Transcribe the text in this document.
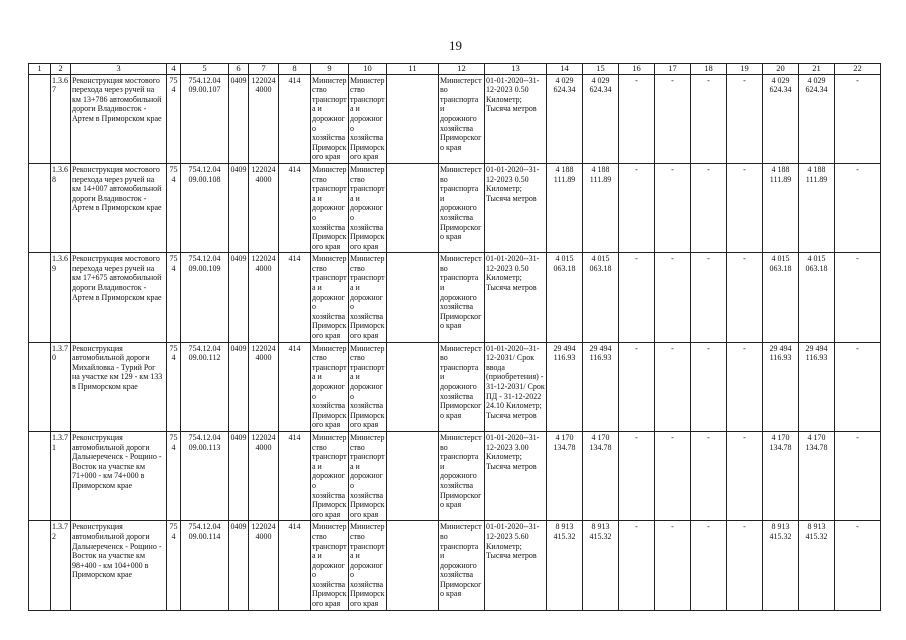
19
1	2	3	4	5	6	7	8	9	10	11	12	13	14	15	16	17	18	19	20	21	22
	1.3.67	Реконструкция мостового перехода через ручей на км 13+786 автомобильной дороги Владивосток - Артем в Приморском крае	754	754.12.04 09.00.107	0409	122024 4000	414	Министерство транспорта и дорожного хозяйства Приморского края	Министерство транспорта и дорожного хозяйства Приморского края		Министерство транспорта и дорожного хозяйства Приморского края	01-01-2020--31-12-2023 0.50 Километр; Тысяча метров	4 029 624.34	4 029 624.34	-	-	-	-	4 029 624.34	4 029 624.34	-
	1.3.68	Реконструкция мостового перехода через ручей на км 14+007 автомобильной дороги Владивосток - Артем в Приморском крае	754	754.12.04 09.00.108	0409	122024 4000	414	Министерство транспорта и дорожного хозяйства Приморского края	Министерство транспорта и дорожного хозяйства Приморского края		Министерство транспорта и дорожного хозяйства Приморского края	01-01-2020--31-12-2023 0.50 Километр; Тысяча метров	4 188 111.89	4 188 111.89	-	-	-	-	4 188 111.89	4 188 111.89	-
	1.3.69	Реконструкция мостового перехода через ручей на км 17+675 автомобильной дороги Владивосток - Артем в Приморском крае	754	754.12.04 09.00.109	0409	122024 4000	414	Министерство транспорта и дорожного хозяйства Приморского края	Министерство транспорта и дорожного хозяйства Приморского края		Министерство транспорта и дорожного хозяйства Приморского края	01-01-2020--31-12-2023 0.50 Километр; Тысяча метров	4 015 063.18	4 015 063.18	-	-	-	-	4 015 063.18	4 015 063.18	-
	1.3.70	Реконструкция автомобильной дороги Михайловка - Турий Рог на участке км 129 - км 133 в Приморском крае	754	754.12.04 09.00.112	0409	122024 4000	414	Министерство транспорта и дорожного хозяйства Приморского края	Министерство транспорта и дорожного хозяйства Приморского края		Министерство транспорта и дорожного хозяйства Приморского края	01-01-2020--31-12-2031/ Срок ввода (приобретения) - 31-12-2031/ Срок ПД - 31-12-2022 24.10 Километр; Тысяча метров	29 494 116.93	29 494 116.93	-	-	-	-	29 494 116.93	29 494 116.93	-
	1.3.71	Реконструкция автомобильной дороги Дальнереченск - Рощино - Восток на участке км 71+000 - км 74+000 в Приморском крае	754	754.12.04 09.00.113	0409	122024 4000	414	Министерство транспорта и дорожного хозяйства Приморского края	Министерство транспорта и дорожного хозяйства Приморского края		Министерство транспорта и дорожного хозяйства Приморского края	01-01-2020--31-12-2023 3.00 Километр; Тысяча метров	4 170 134.78	4 170 134.78	-	-	-	-	4 170 134.78	4 170 134.78	-
	1.3.72	Реконструкция автомобильной дороги Дальнереченск - Рощино - Восток на участке км 98+400 - км 104+000 в Приморском крае	754	754.12.04 09.00.114	0409	122024 4000	414	Министерство транспорта и дорожного хозяйства Приморского края	Министерство транспорта и дорожного хозяйства Приморского края		Министерство транспорта и дорожного хозяйства Приморского края	01-01-2020--31-12-2023 5.60 Километр; Тысяча метров	8 913 415.32	8 913 415.32	-	-	-	-	8 913 415.32	8 913 415.32	-
